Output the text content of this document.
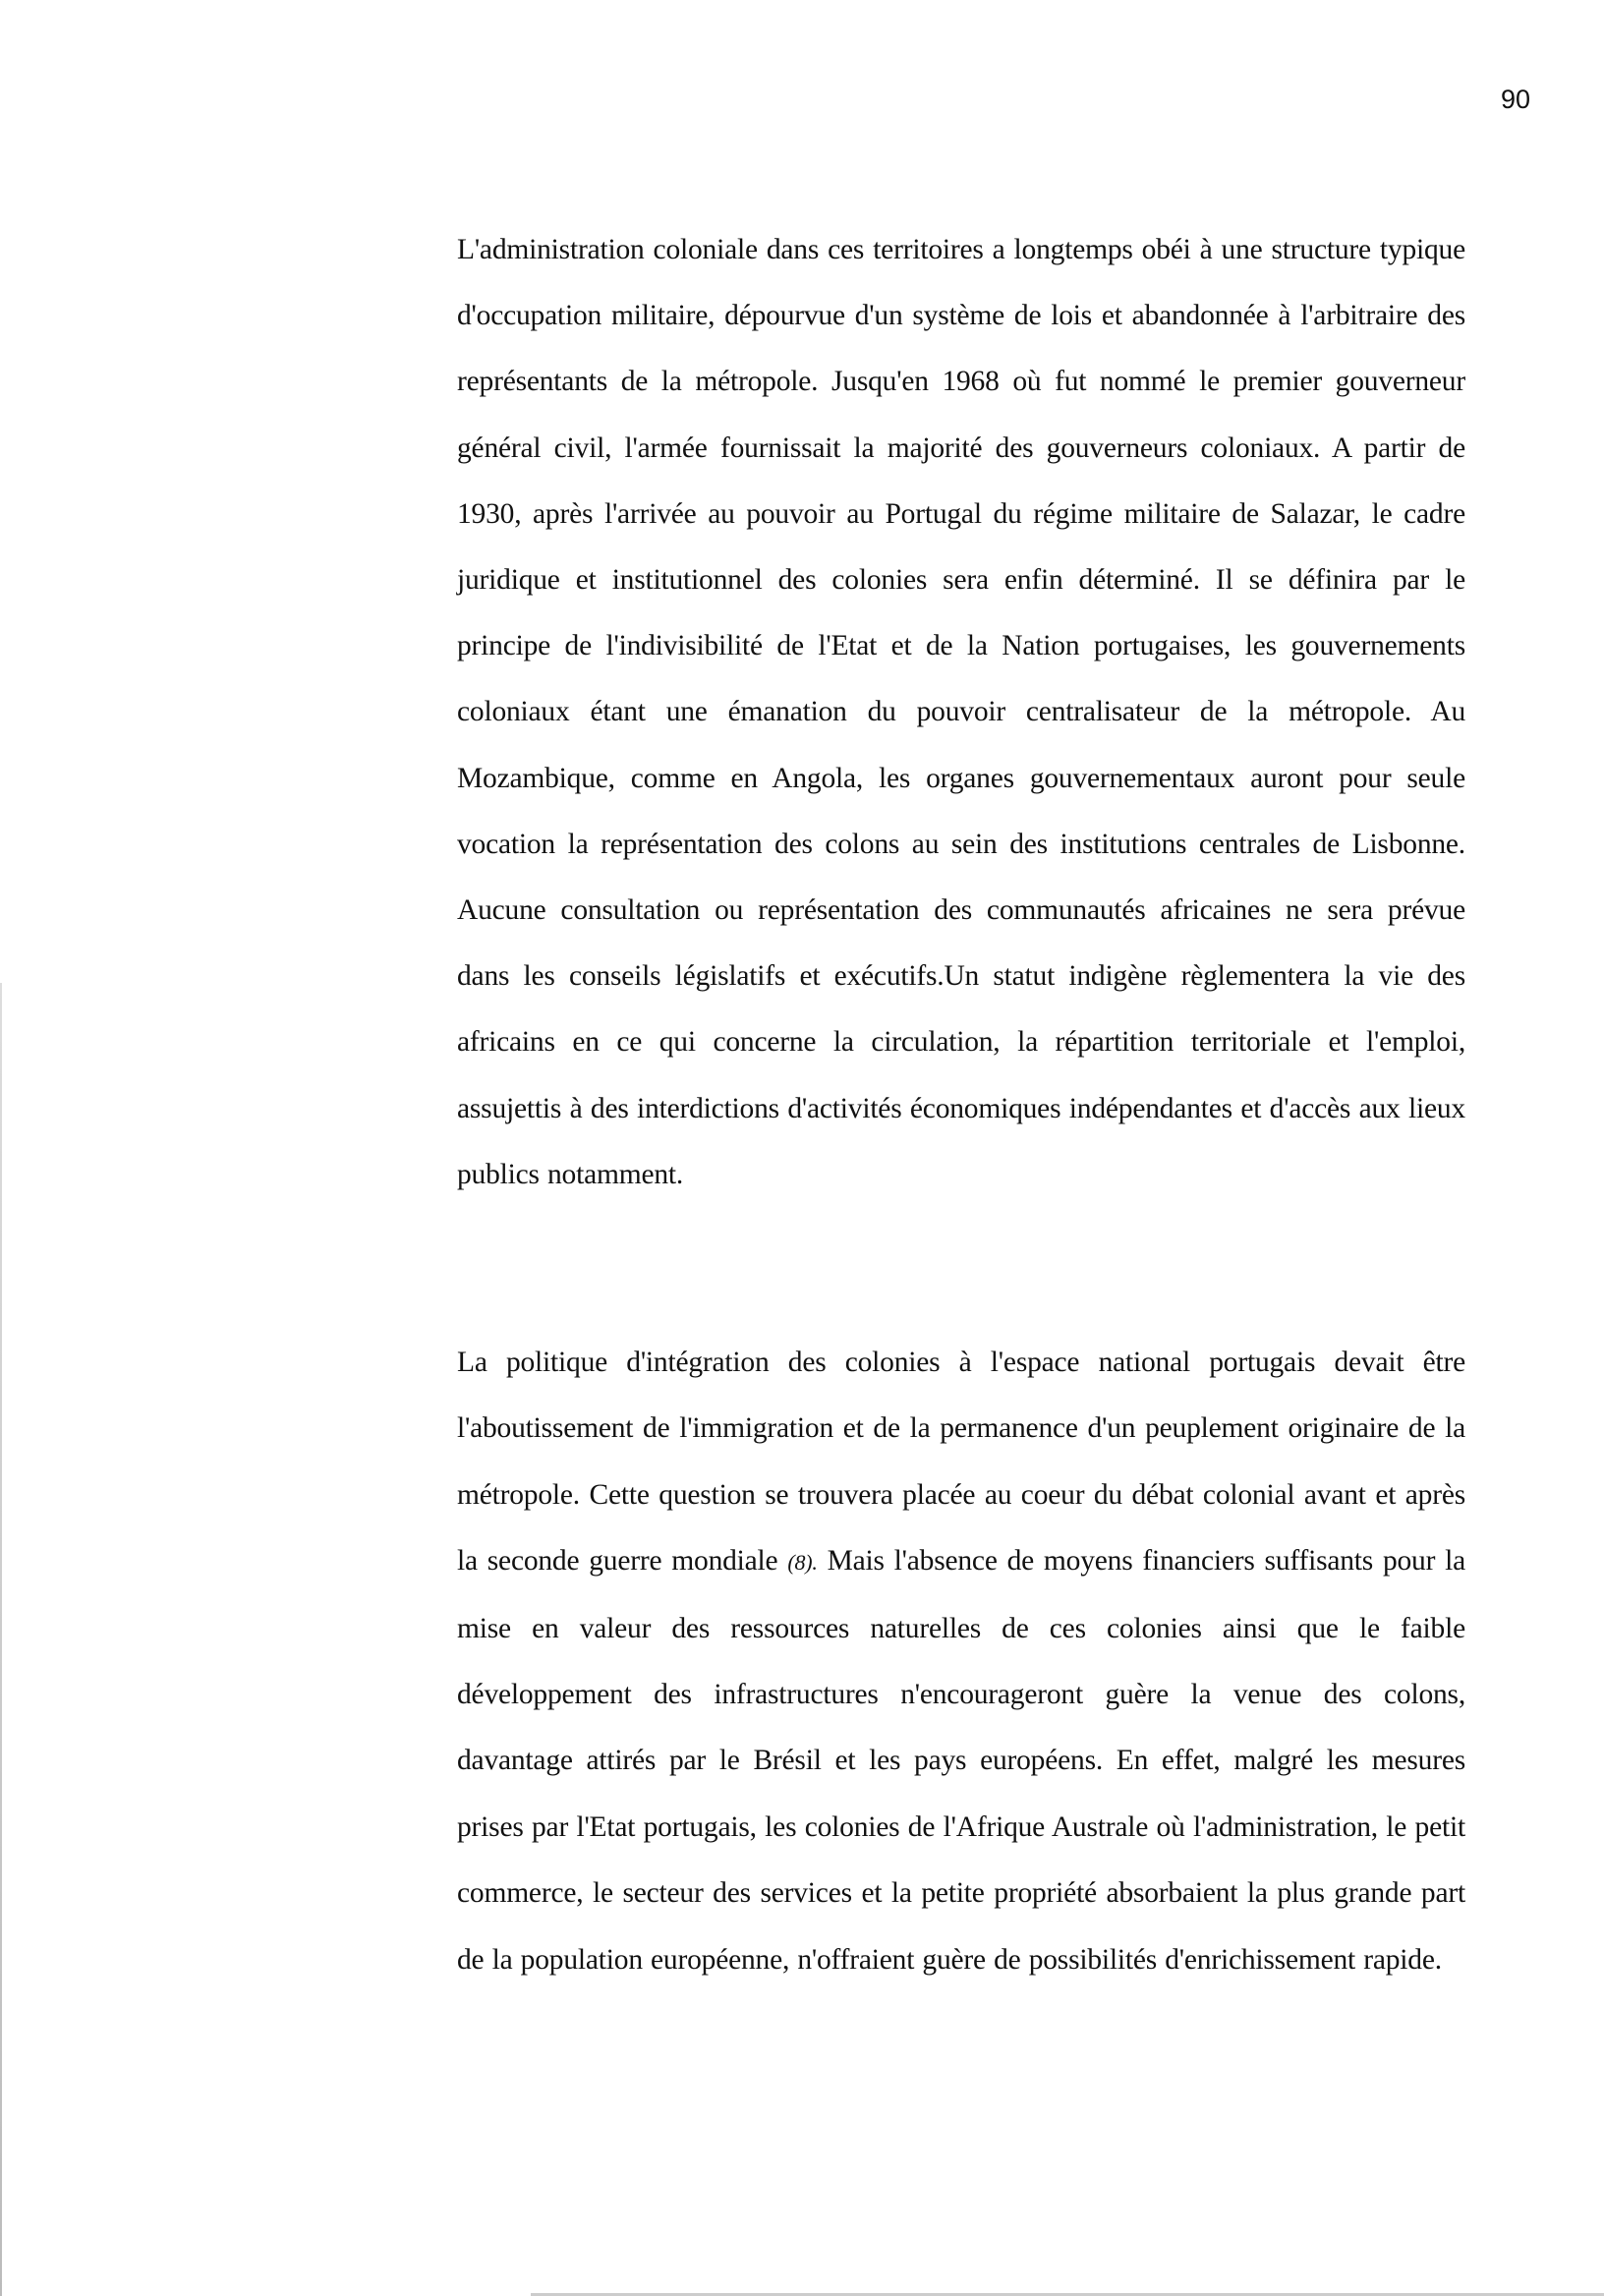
90

L'administration coloniale dans ces territoires a longtemps obéi à une structure typique d'occupation militaire, dépourvue d'un système de lois et abandonnée à l'arbitraire des représentants de la métropole. Jusqu'en 1968 où fut nommé le premier gouverneur général civil, l'armée fournissait la majorité des gouverneurs coloniaux. A partir de 1930, après l'arrivée au pouvoir au Portugal du régime militaire de Salazar, le cadre juridique et institutionnel des colonies sera enfin déterminé. Il se définira par le principe de l'indivisibilité de l'Etat et de la Nation portugaises, les gouvernements coloniaux étant une émanation du pouvoir centralisateur de la métropole. Au Mozambique, comme en Angola, les organes gouvernementaux auront pour seule vocation la représentation des colons au sein des institutions centrales de Lisbonne. Aucune consultation ou représentation des communautés africaines ne sera prévue dans les conseils législatifs et exécutifs.Un statut indigène règlementera la vie des africains en ce qui concerne la circulation, la répartition territoriale et l'emploi, assujettis à des interdictions d'activités économiques indépendantes et d'accès aux lieux publics notamment.

La politique d'intégration des colonies à l'espace national portugais devait être l'aboutissement de l'immigration et de la permanence d'un peuplement originaire de la métropole. Cette question se trouvera placée au coeur du débat colonial avant et après la seconde guerre mondiale (8). Mais l'absence de moyens financiers suffisants pour la mise en valeur des ressources naturelles de ces colonies ainsi que le faible développement des infrastructures n'encourageront guère la venue des colons, davantage attirés par le Brésil et les pays européens. En effet, malgré les mesures prises par l'Etat portugais, les colonies de l'Afrique Australe où l'administration, le petit commerce, le secteur des services et la petite propriété absorbaient la plus grande part de la population européenne, n'offraient guère de possibilités d'enrichissement rapide.
